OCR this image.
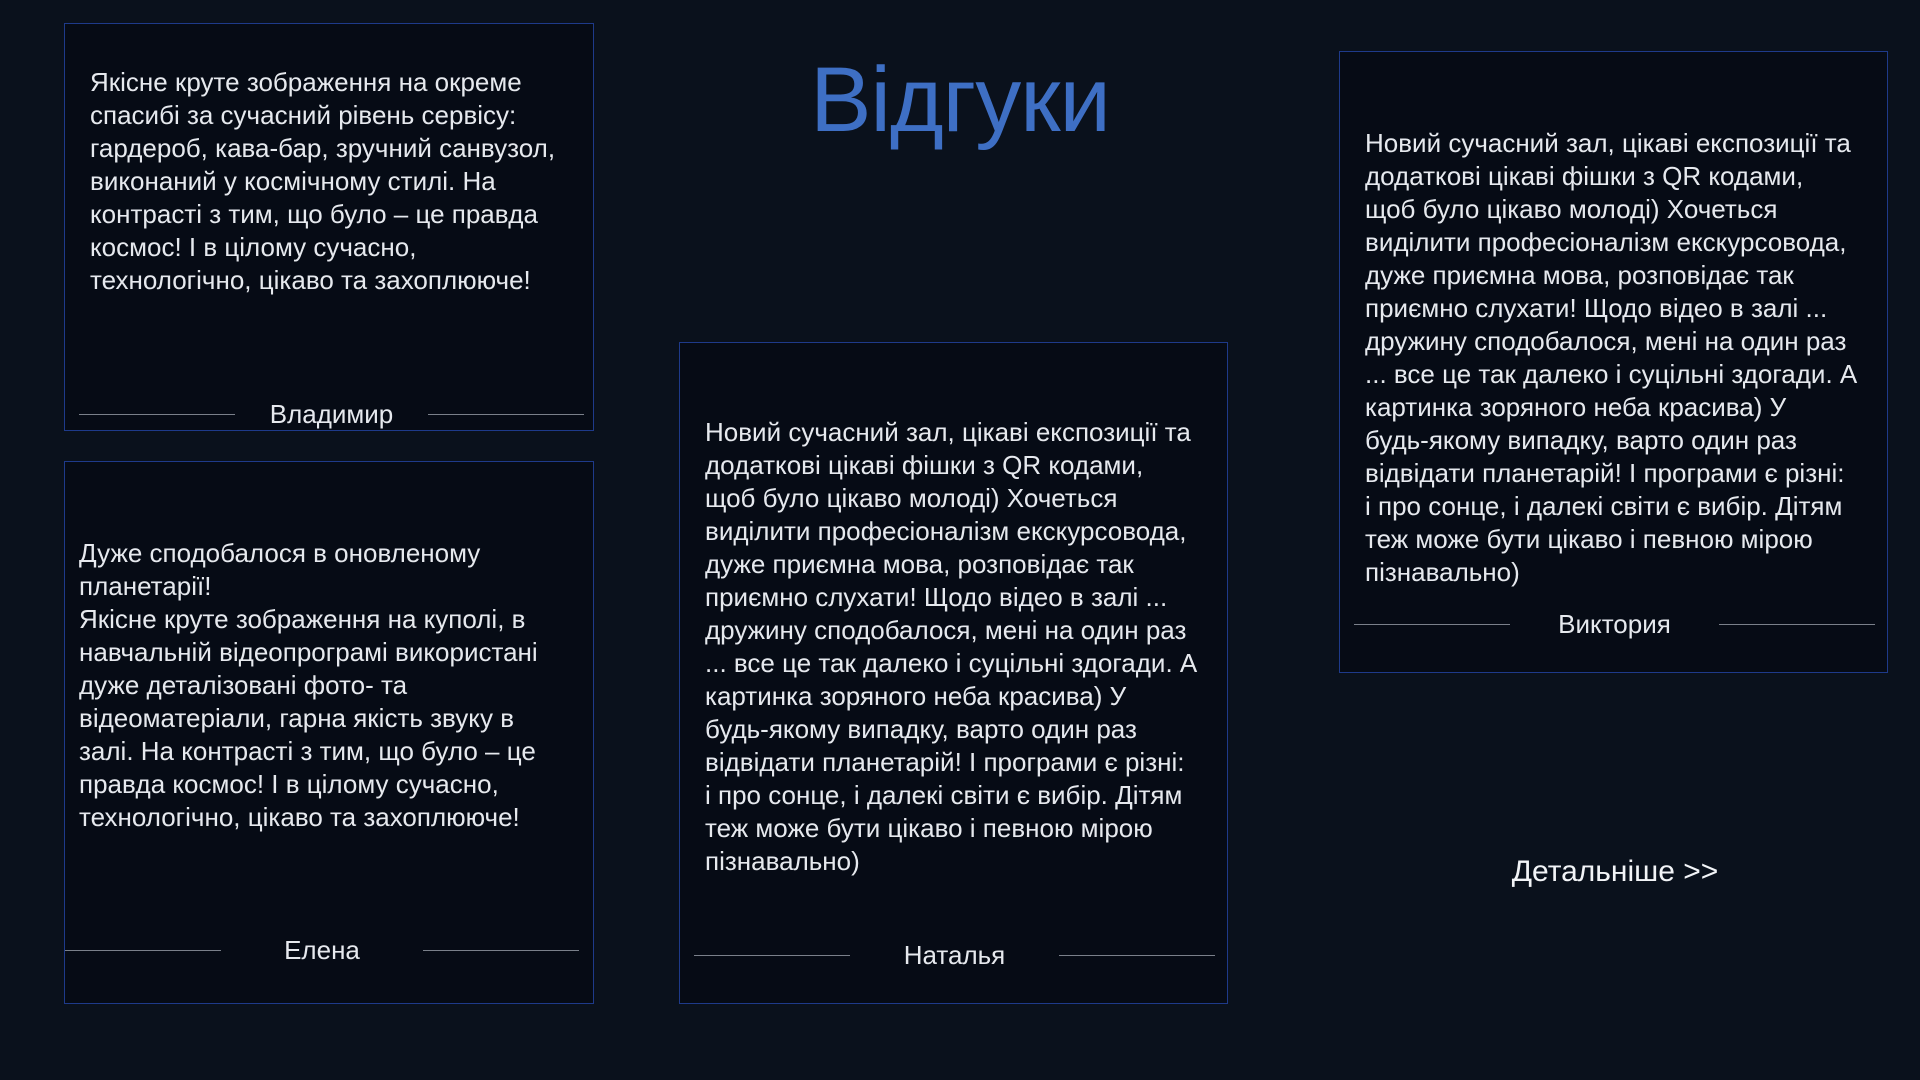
Відгуки

Якісне круте зображення на окреме
спасибі за сучасний рівень сервісу:
гардероб, кава-бар, зручний санвузол,
виконаний у космічному стилі. На
контрасті з тим, що було – це правда
космос! І в цілому сучасно,
технологічно, цікаво та захоплююче!

Владимир

Дуже сподобалося в оновленому
планетарії!
Якісне круте зображення на куполі, в
навчальній відеопрограмі використані
дуже деталізовані фото- та
відеоматеріали, гарна якість звуку в
залі. На контрасті з тим, що було – це
правда космос! І в цілому сучасно,
технологічно, цікаво та захоплююче!

Елена

Новий сучасний зал, цікаві експозиції та
додаткові цікаві фішки з QR кодами,
щоб було цікаво молоді) Хочеться
виділити професіоналізм екскурсовода,
дуже приємна мова, розповідає так
приємно слухати! Щодо відео в залі ...
дружину сподобалося, мені на один раз
... все це так далеко і суцільні здогади. А
картинка зоряного неба красива) У
будь-якому випадку, варто один раз
відвідати планетарій! І програми є різні:
і про сонце, і далекі світи є вибір. Дітям
теж може бути цікаво і певною мірою
пізнавально)

Наталья

Новий сучасний зал, цікаві експозиції та
додаткові цікаві фішки з QR кодами,
щоб було цікаво молоді) Хочеться
виділити професіоналізм екскурсовода,
дуже приємна мова, розповідає так
приємно слухати! Щодо відео в залі ...
дружину сподобалося, мені на один раз
... все це так далеко і суцільні здогади. А
картинка зоряного неба красива) У
будь-якому випадку, варто один раз
відвідати планетарій! І програми є різні:
і про сонце, і далекі світи є вибір. Дітям
теж може бути цікаво і певною мірою
пізнавально)

Виктория
Детальніше >>
